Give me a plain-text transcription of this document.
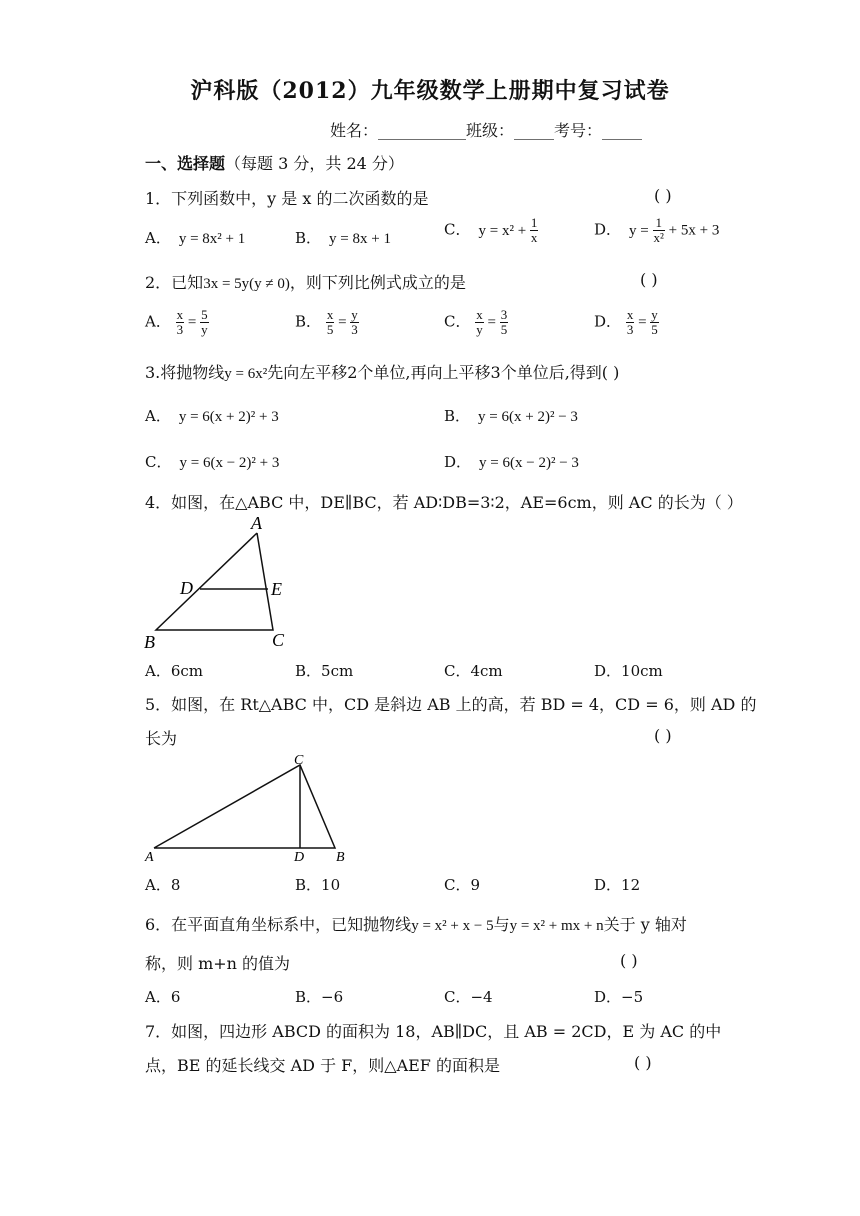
沪科版（2012）九年级数学上册期中复习试卷
姓名：___________班级：_____考号：_____
一、选择题（每题 3 分，共 24 分）
1．下列函数中，y 是 x 的二次函数的是	( )
A． y = 8x² + 1	B． y = 8x + 1
C． $y = x^2 + \frac{1}{x}$	D． $y = \frac{1}{\text{x²}} + 5x + 3$
2．已知3x = 5y(y ≠ 0)，则下列比例式成立的是	( )
A． $\frac{x}{3} = \frac{5}{y}$	B． $\frac{x}{5} = \frac{y}{3}$	C． $\frac{x}{y} = \frac{3}{5}$	D． $\frac{x}{3} = \frac{y}{5}$
3.将抛物线y = 6x²先向左平移2个单位,再向上平移3个单位后,得到( )
A． y = 6(x + 2)² + 3	B． y = 6(x + 2)² − 3
C． y = 6(x − 2)² + 3	D． y = 6(x − 2)² − 3
4．如图，在△ABC 中，DE∥BC，若 AD∶DB=3∶2，AE=6cm，则 AC 的长为（ ）
A
D	E
B	C
A．6cm	B．5cm	C．4cm	D．10cm
5．如图，在 Rt△ABC 中，CD 是斜边 AB 上的高，若 BD = 4，CD = 6，则 AD 的
长为	( )
C
A	D B
A．8	B．10	C．9	D．12
6．在平面直角坐标系中，已知抛物线y = x² + x − 5与y = x² + mx + n关于 y 轴对
称，则 m+n 的值为	( )
A．6	B．−6	C．−4	D．−5
7．如图，四边形 ABCD 的面积为 18，AB∥DC，且 AB = 2CD，E 为 AC 的中
点，BE 的延长线交 AD 于 F，则△AEF 的面积是	( )
